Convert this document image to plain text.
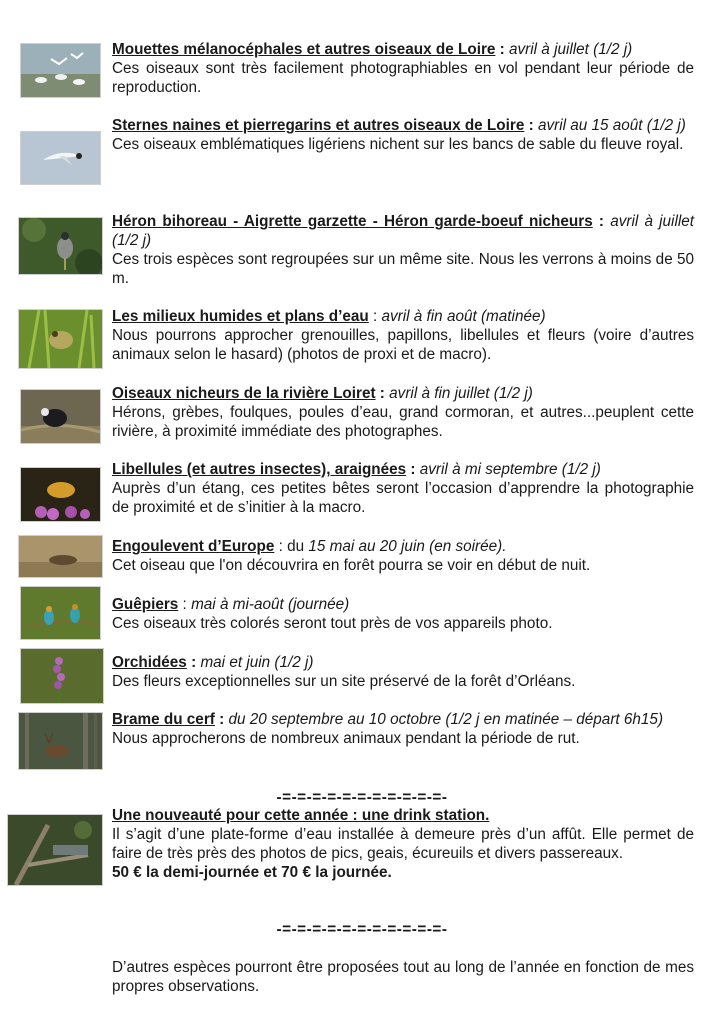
Mouettes mélanocéphales et autres oiseaux de Loire : avril à juillet (1/2 j)
Ces oiseaux sont très facilement photographiables en vol pendant leur période de reproduction.
Sternes naines et pierregarins et autres oiseaux de Loire : avril au 15 août (1/2 j)
Ces oiseaux emblématiques ligériens nichent sur les bancs de sable du fleuve royal.
Héron bihoreau - Aigrette garzette - Héron garde-boeuf nicheurs : avril à juillet (1/2 j)
Ces trois espèces sont regroupées sur un même site. Nous les verrons à moins de 50 m.
Les milieux humides et plans d’eau : avril à fin août (matinée)
Nous pourrons approcher grenouilles, papillons, libellules et fleurs (voire d’autres animaux selon le hasard) (photos de proxi et de macro).
Oiseaux nicheurs de la rivière Loiret : avril à fin juillet (1/2 j)
Hérons, grèbes, foulques, poules d’eau, grand cormoran, et autres...peuplent cette rivière, à proximité immédiate des photographes.
Libellules (et autres insectes), araignées : avril à mi septembre (1/2 j)
Auprès d’un étang, ces petites bêtes seront l’occasion d’apprendre la photographie de proximité et de s’initier à la macro.
Engoulevent d’Europe : du 15 mai au 20 juin (en soirée).
Cet oiseau que l'on découvrira en forêt pourra se voir en début de nuit.
Guêpiers : mai à mi-août (journée)
Ces oiseaux très colorés seront tout près de vos appareils photo.
Orchidées : mai et juin (1/2 j)
Des fleurs exceptionnelles sur un site préservé de la forêt d’Orléans.
Brame du cerf : du 20 septembre au 10 octobre (1/2 j en matinée – départ 6h15)
Nous approcherons de nombreux animaux pendant la période de rut.
-=-=-=-=-=-=-=-=-=-=-=-
Une nouveauté pour cette année : une drink station.
Il s’agit d’une plate-forme d’eau installée à demeure près d’un affût. Elle permet de faire de très près des photos de pics, geais, écureuils et divers passereaux.
50 € la demi-journée et 70 € la journée.
-=-=-=-=-=-=-=-=-=-=-=-
D’autres espèces pourront être proposées tout au long de l’année en fonction de mes propres observations.
